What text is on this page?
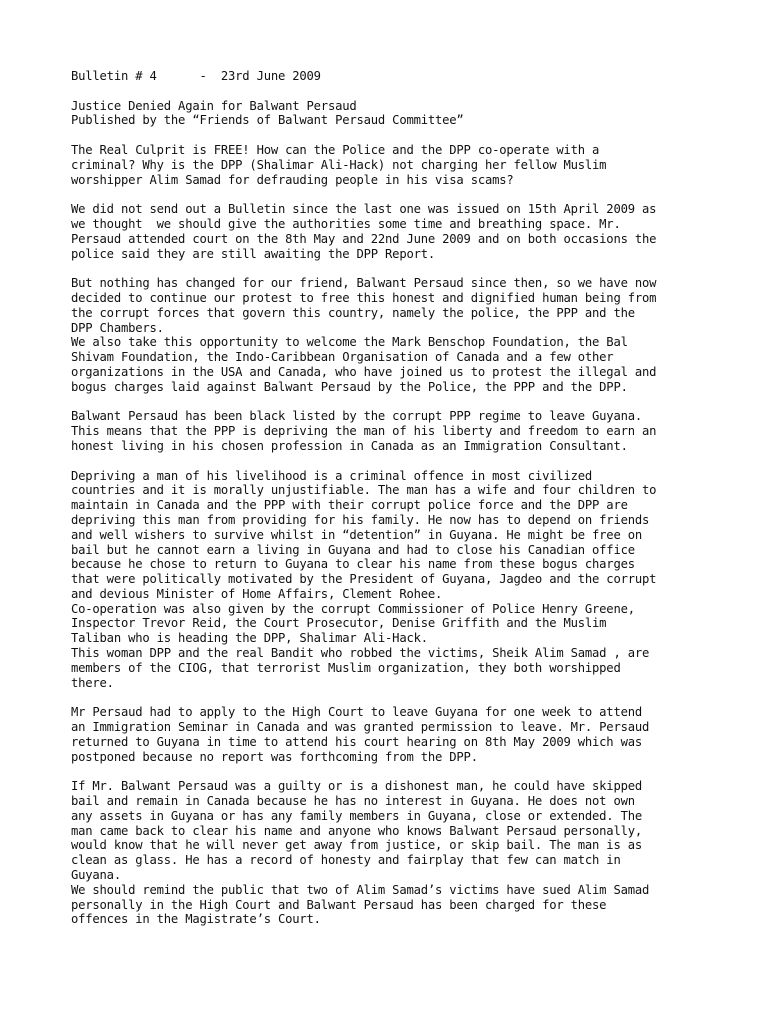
Bulletin # 4      -  23rd June 2009
Justice Denied Again for Balwant Persaud
Published by the “Friends of Balwant Persaud Committee”
The Real Culprit is FREE! How can the Police and the DPP co-operate with a
criminal? Why is the DPP (Shalimar Ali-Hack) not charging her fellow Muslim
worshipper Alim Samad for defrauding people in his visa scams?
We did not send out a Bulletin since the last one was issued on 15th April 2009 as
we thought  we should give the authorities some time and breathing space. Mr.
Persaud attended court on the 8th May and 22nd June 2009 and on both occasions the
police said they are still awaiting the DPP Report.
But nothing has changed for our friend, Balwant Persaud since then, so we have now
decided to continue our protest to free this honest and dignified human being from
the corrupt forces that govern this country, namely the police, the PPP and the
DPP Chambers.
We also take this opportunity to welcome the Mark Benschop Foundation, the Bal
Shivam Foundation, the Indo-Caribbean Organisation of Canada and a few other
organizations in the USA and Canada, who have joined us to protest the illegal and
bogus charges laid against Balwant Persaud by the Police, the PPP and the DPP.
Balwant Persaud has been black listed by the corrupt PPP regime to leave Guyana.
This means that the PPP is depriving the man of his liberty and freedom to earn an
honest living in his chosen profession in Canada as an Immigration Consultant.
Depriving a man of his livelihood is a criminal offence in most civilized
countries and it is morally unjustifiable. The man has a wife and four children to
maintain in Canada and the PPP with their corrupt police force and the DPP are
depriving this man from providing for his family. He now has to depend on friends
and well wishers to survive whilst in “detention” in Guyana. He might be free on
bail but he cannot earn a living in Guyana and had to close his Canadian office
because he chose to return to Guyana to clear his name from these bogus charges
that were politically motivated by the President of Guyana, Jagdeo and the corrupt
and devious Minister of Home Affairs, Clement Rohee.
Co-operation was also given by the corrupt Commissioner of Police Henry Greene,
Inspector Trevor Reid, the Court Prosecutor, Denise Griffith and the Muslim
Taliban who is heading the DPP, Shalimar Ali-Hack.
This woman DPP and the real Bandit who robbed the victims, Sheik Alim Samad , are
members of the CIOG, that terrorist Muslim organization, they both worshipped
there.
Mr Persaud had to apply to the High Court to leave Guyana for one week to attend
an Immigration Seminar in Canada and was granted permission to leave. Mr. Persaud
returned to Guyana in time to attend his court hearing on 8th May 2009 which was
postponed because no report was forthcoming from the DPP.
If Mr. Balwant Persaud was a guilty or is a dishonest man, he could have skipped
bail and remain in Canada because he has no interest in Guyana. He does not own
any assets in Guyana or has any family members in Guyana, close or extended. The
man came back to clear his name and anyone who knows Balwant Persaud personally,
would know that he will never get away from justice, or skip bail. The man is as
clean as glass. He has a record of honesty and fairplay that few can match in
Guyana.
We should remind the public that two of Alim Samad’s victims have sued Alim Samad
personally in the High Court and Balwant Persaud has been charged for these
offences in the Magistrate’s Court.
